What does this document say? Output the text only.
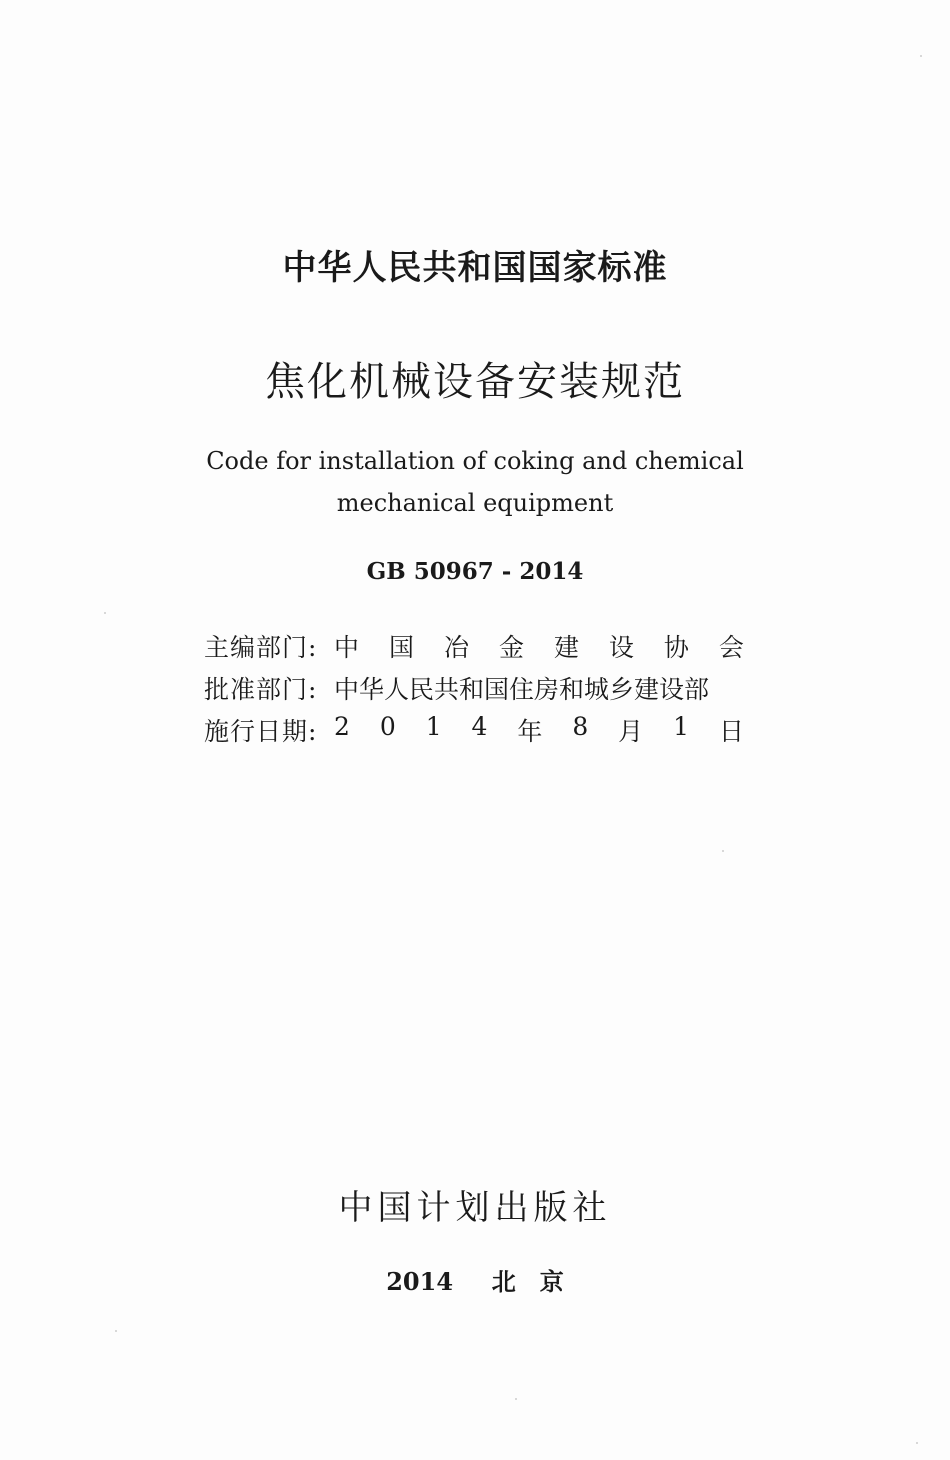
中华人民共和国国家标准
焦化机械设备安装规范
Code for installation of coking and chemical
mechanical equipment
GB 50967 - 2014
主编部门: 中 国 冶 金 建 设 协 会
批准部门: 中华人民共和国住房和城乡建设部
施行日期: 2 0 1 4 年 8 月 1 日
中国计划出版社
2014 北　京
